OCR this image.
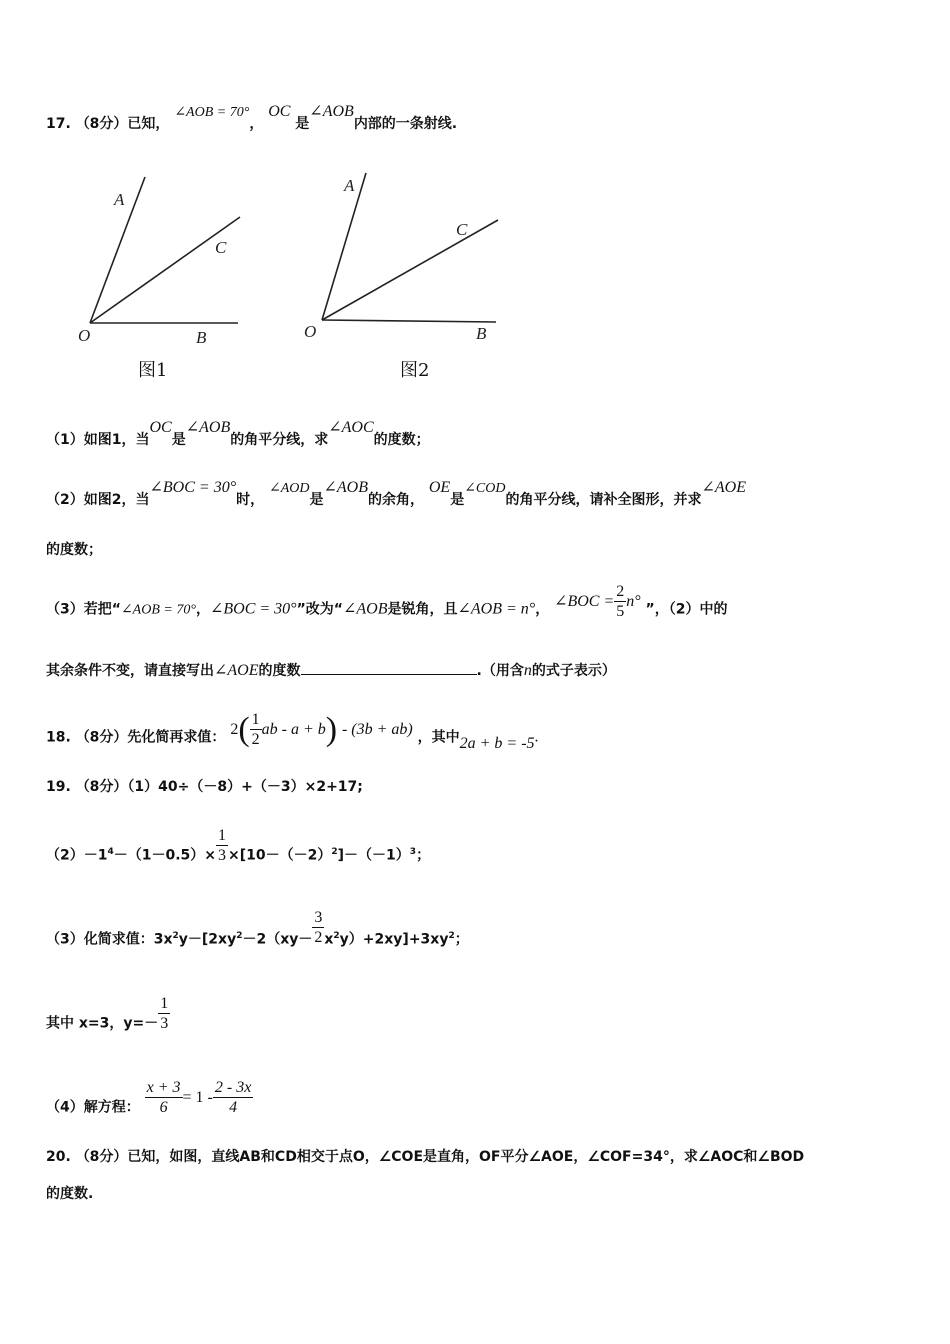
17. （8分）已知， ∠AOB = 70°， OC 是∠AOB内部的一条射线.
A
C
O	B
图1
A
C
O	B
图2
（1）如图1，当OC是∠AOB的角平分线，求∠AOC的度数；
（2）如图2，当∠BOC = 30°时， ∠AOD是∠AOB的余角， OE是∠COD的角平分线，请补全图形，并求∠AOE
的度数；
（3）若把“∠AOB = 70°，∠BOC = 30°”改为“∠AOB是锐角，且∠AOB = n°， ∠BOC = $\frac{2}{5} n^\circ$ ”，（2）中的
其余条件不变，请直接写出∠AOE的度数	.（用含n的式子表示）
18. （8分）先化简再求值： $2( \frac{1}{2}$ ab - a + b) - (3b + ab) ，其中2a + b = -5.
19. （8分）（1）40÷（－8）+（－3）×2+17;
$(2)-1^4-(1-0.5)\times \frac{1}{3} \times[10-(-2)^2]-(-1)^3$；
（3）化简求值：$3x^2y-[2xy^2-2(xy- \frac{3}{2} x^2y)+2xy]+3xy^2$；
其中 x=3，$y=- \frac{1}{3}$
（4）解方程： $\frac{x + 3}{6} = 1 - \frac{2 - 3x}{4}$
20. （8分）已知，如图，直线AB和CD相交于点O，∠COE是直角，OF平分∠AOE，∠COF=34°，求∠AOC和∠BOD
的度数.
